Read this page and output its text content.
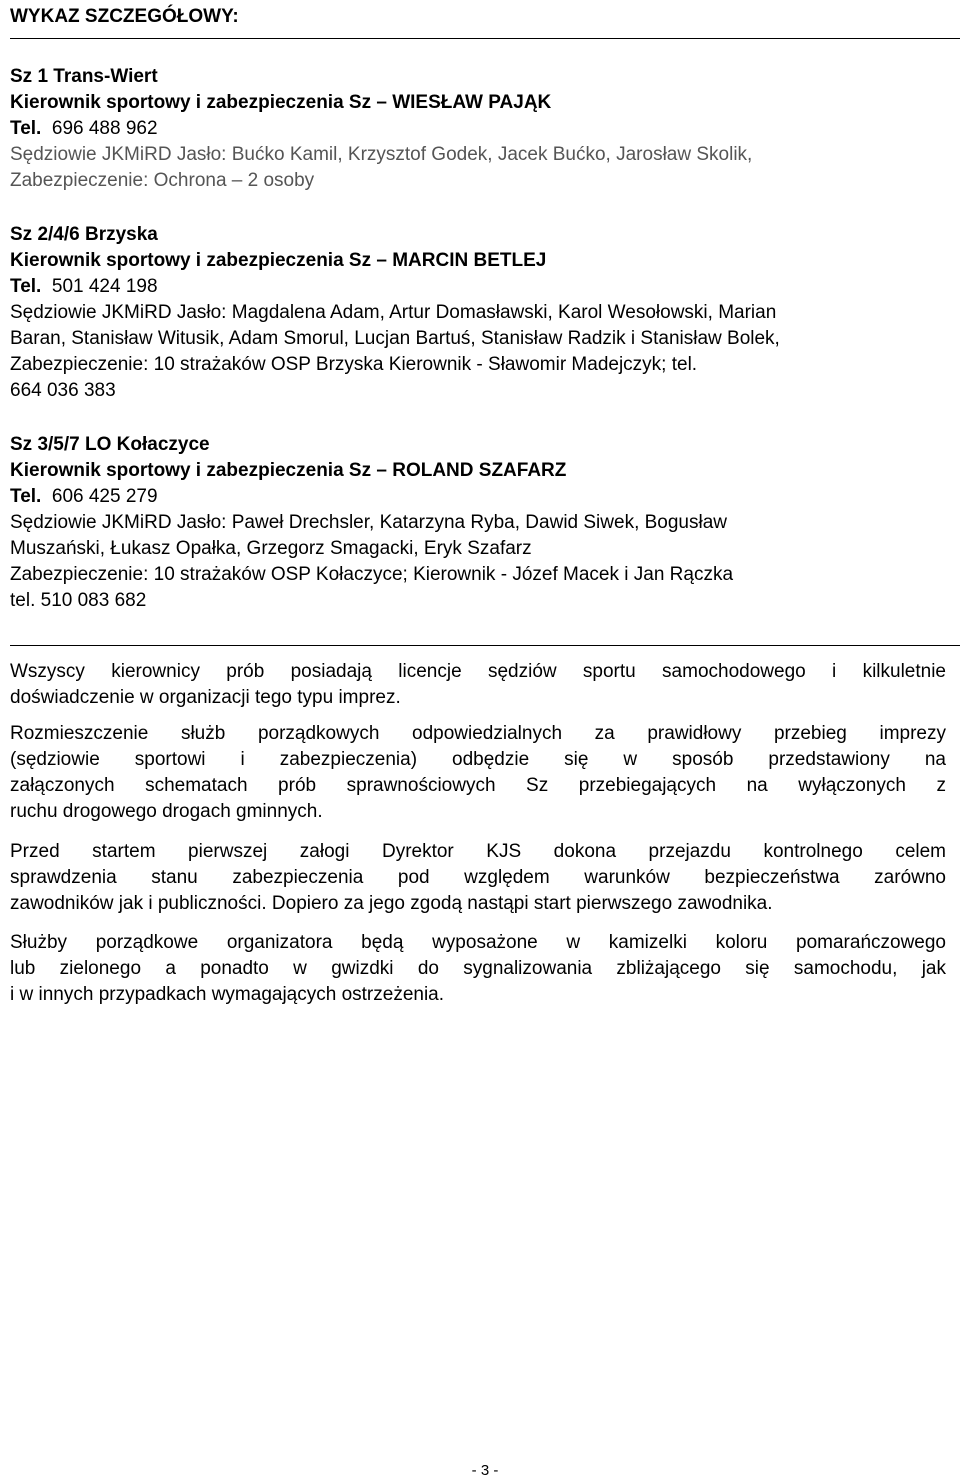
WYKAZ SZCZEGÓŁOWY:
Sz 1 Trans-Wiert
Kierownik sportowy i zabezpieczenia Sz – WIESŁAW PAJĄK
Tel. 696 488 962
Sędziowie JKMiRD Jasło: Bućko Kamil, Krzysztof Godek, Jacek Bućko, Jarosław Skolik,
Zabezpieczenie: Ochrona – 2 osoby
Sz 2/4/6 Brzyska
Kierownik sportowy i zabezpieczenia Sz – MARCIN BETLEJ
Tel. 501 424 198
Sędziowie JKMiRD Jasło: Magdalena Adam, Artur Domasławski, Karol Wesołowski, Marian
Baran, Stanisław Witusik, Adam Smorul, Lucjan Bartuś, Stanisław Radzik i Stanisław Bolek,
Zabezpieczenie: 10 strażaków OSP Brzyska Kierownik - Sławomir Madejczyk; tel.
664 036 383
Sz 3/5/7 LO Kołaczyce
Kierownik sportowy i zabezpieczenia Sz – ROLAND SZAFARZ
Tel. 606 425 279
Sędziowie JKMiRD Jasło: Paweł Drechsler, Katarzyna Ryba, Dawid Siwek, Bogusław
Muszański, Łukasz Opałka, Grzegorz Smagacki, Eryk Szafarz
Zabezpieczenie: 10 strażaków OSP Kołaczyce; Kierownik - Józef Macek i Jan Rączka
tel. 510 083 682
Wszyscy kierownicy prób posiadają licencje sędziów sportu samochodowego i kilkuletnie
doświadczenie w organizacji tego typu imprez.
Rozmieszczenie służb porządkowych odpowiedzialnych za prawidłowy przebieg imprezy
(sędziowie sportowi i zabezpieczenia) odbędzie się w sposób przedstawiony na
załączonych schematach prób sprawnościowych Sz przebiegających na wyłączonych z
ruchu drogowego drogach gminnych.
Przed startem pierwszej załogi Dyrektor KJS dokona przejazdu kontrolnego celem
sprawdzenia stanu zabezpieczenia pod względem warunków bezpieczeństwa zarówno
zawodników jak i publiczności. Dopiero za jego zgodą nastąpi start pierwszego zawodnika.
Służby porządkowe organizatora będą wyposażone w kamizelki koloru pomarańczowego
lub zielonego a ponadto w gwizdki do sygnalizowania zbliżającego się samochodu, jak
i w innych przypadkach wymagających ostrzeżenia.
- 3 -
